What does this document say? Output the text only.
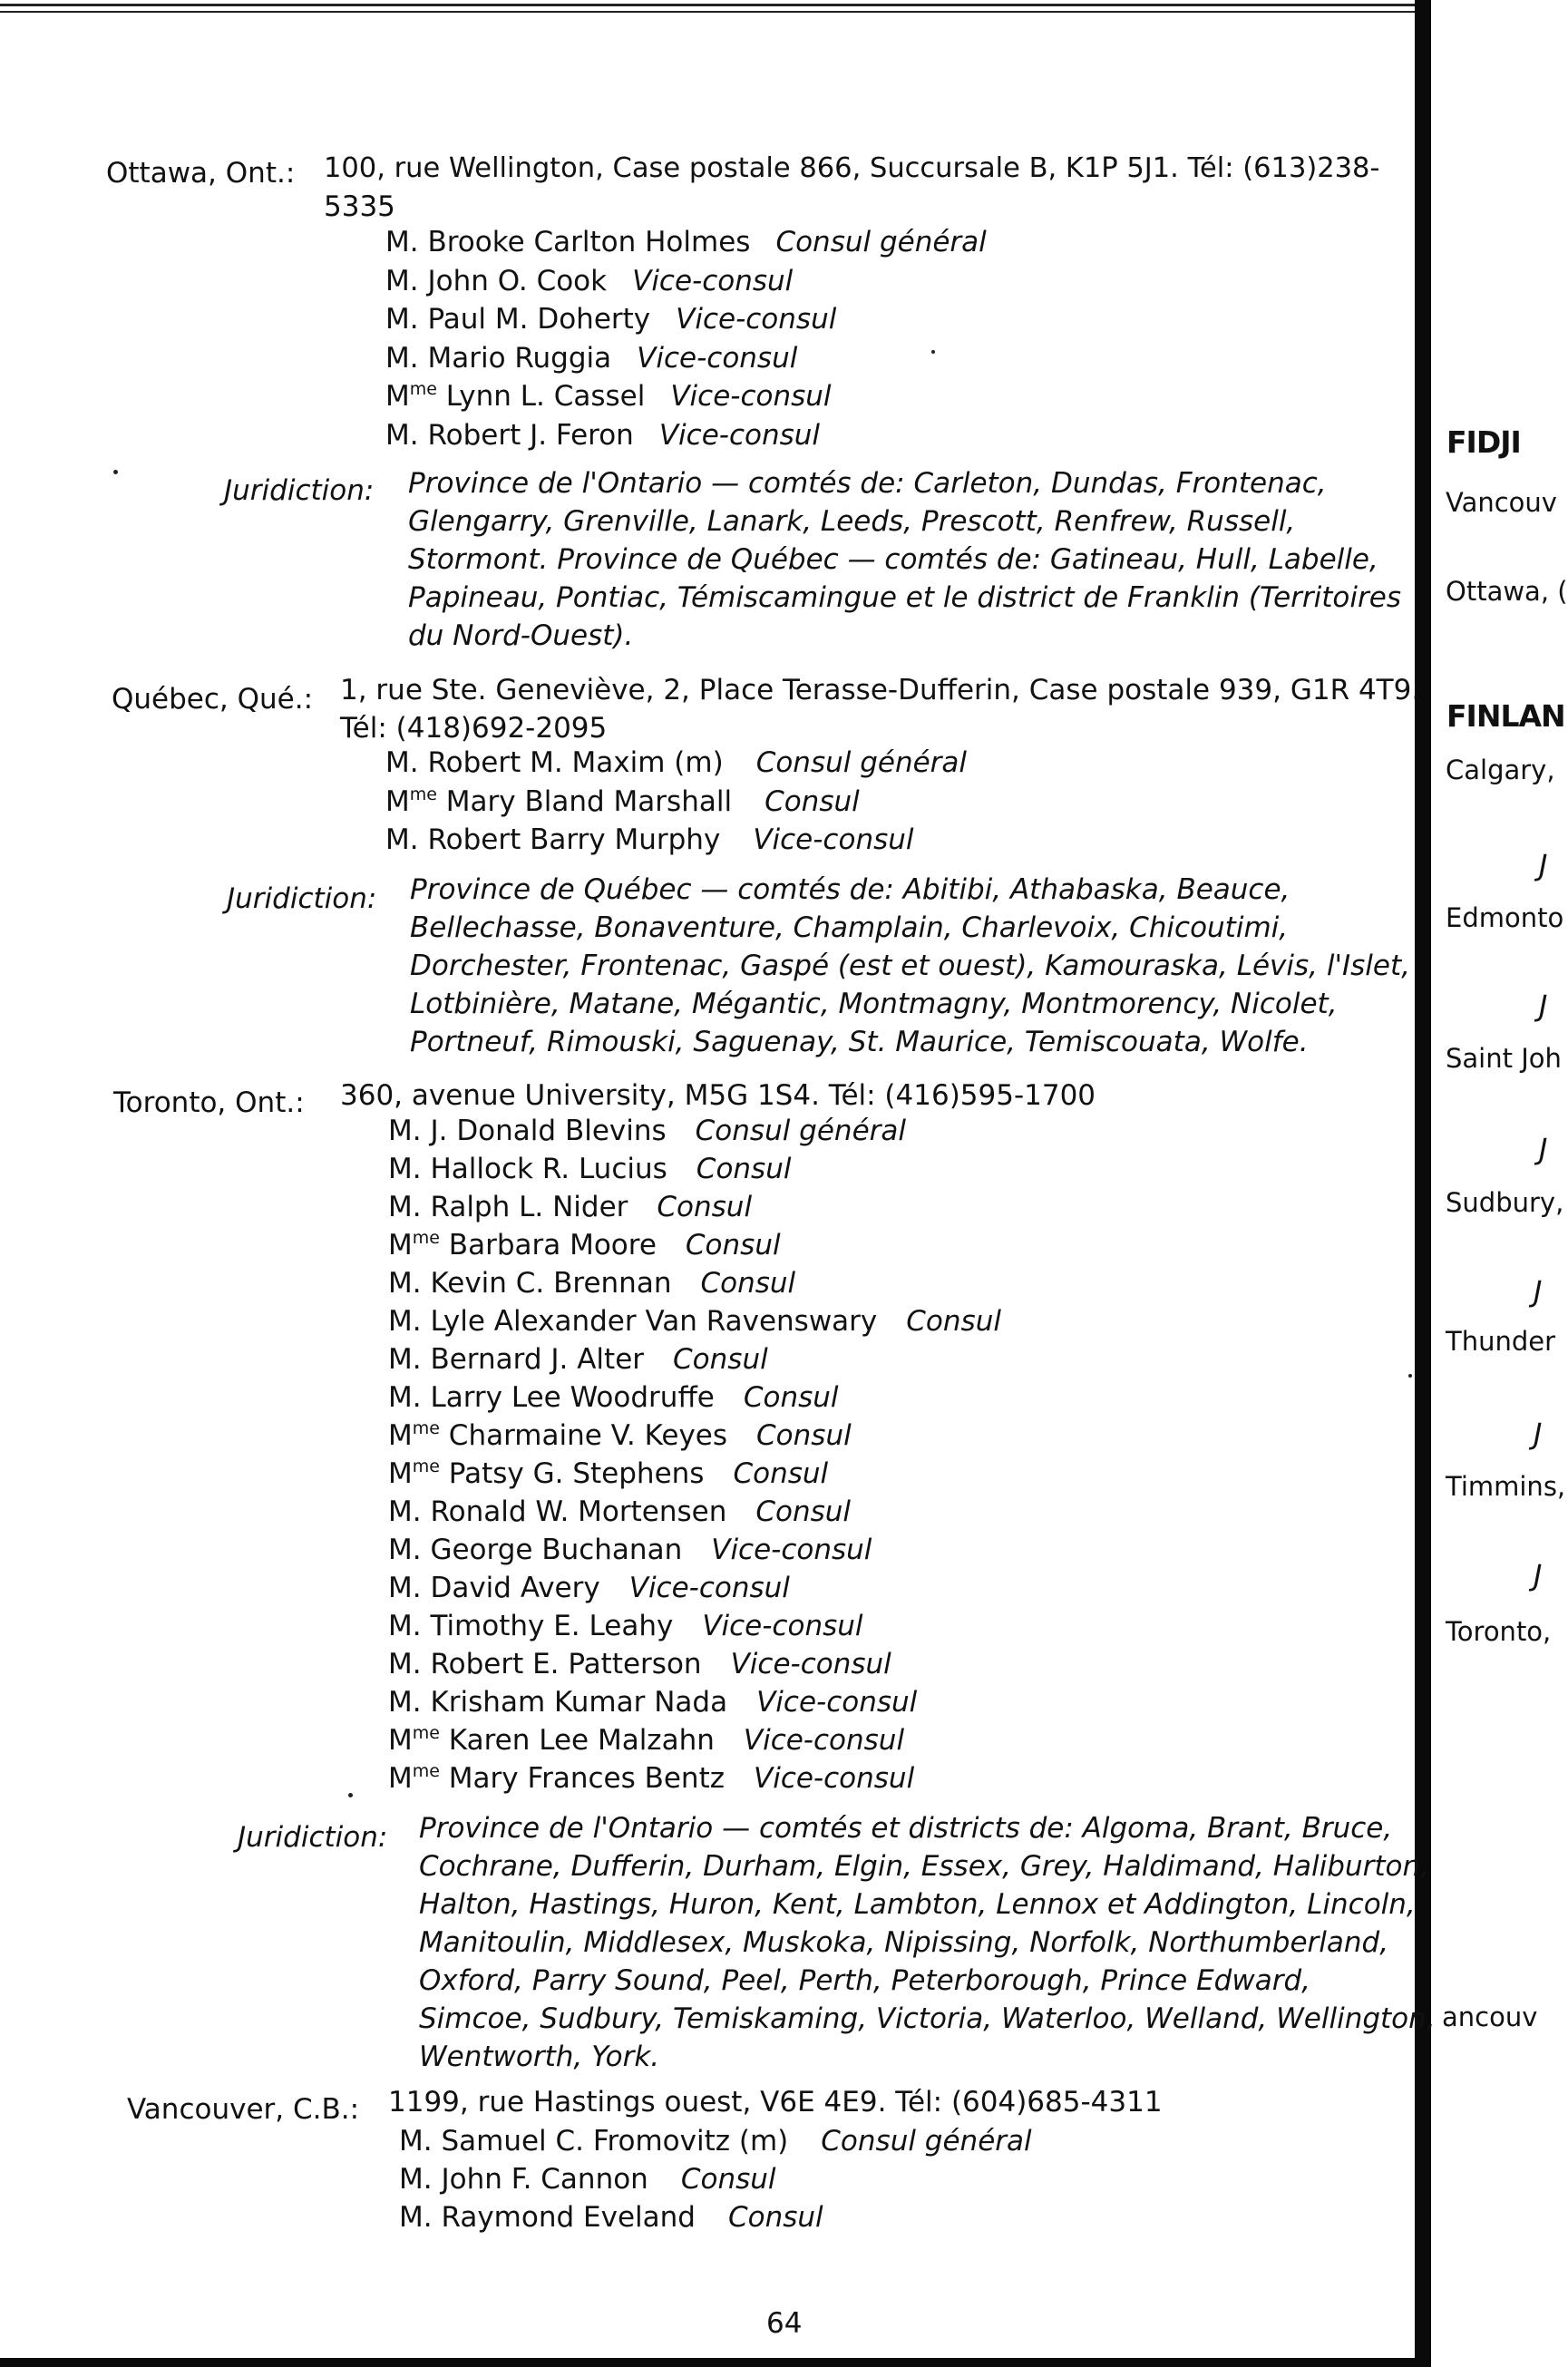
Ottawa, Ont.: 100, rue Wellington, Case postale 866, Succursale B, K1P 5J1. Tél: (613)238-
5335
M. Brooke Carlton Holmes Consul général
M. John O. Cook Vice-consul
M. Paul M. Doherty Vice-consul
M. Mario Ruggia Vice-consul
$M^{me}$ Lynn L. Cassel Vice-consul
M. Robert J. Feron Vice-consul
Juridiction: Province de l'Ontario — comtés de: Carleton, Dundas, Frontenac,
Glengarry, Grenville, Lanark, Leeds, Prescott, Renfrew, Russell,
Stormont. Province de Québec — comtés de: Gatineau, Hull, Labelle,
Papineau, Pontiac, Témiscamingue et le district de Franklin (Territoires
du Nord-Ouest).
Québec, Qué.: 1, rue Ste. Geneviève, 2, Place Terasse-Dufferin, Case postale 939, G1R 4T9.
Tél: (418)692-2095
M. Robert M. Maxim (m) Consul général
$M^{me}$ Mary Bland Marshall Consul
M. Robert Barry Murphy Vice-consul
Juridiction: Province de Québec — comtés de: Abitibi, Athabaska, Beauce,
Bellechasse, Bonaventure, Champlain, Charlevoix, Chicoutimi,
Dorchester, Frontenac, Gaspé (est et ouest), Kamouraska, Lévis, l'Islet,
Lotbinière, Matane, Mégantic, Montmagny, Montmorency, Nicolet,
Portneuf, Rimouski, Saguenay, St. Maurice, Temiscouata, Wolfe.
Toronto, Ont.: 360, avenue University, M5G 1S4. Tél: (416)595-1700
M. J. Donald Blevins Consul général
M. Hallock R. Lucius Consul
M. Ralph L. Nider Consul
$M^{me}$ Barbara Moore Consul
M. Kevin C. Brennan Consul
M. Lyle Alexander Van Ravenswary Consul
M. Bernard J. Alter Consul
M. Larry Lee Woodruffe Consul
$M^{me}$ Charmaine V. Keyes Consul
$M^{me}$ Patsy G. Stephens Consul
M. Ronald W. Mortensen Consul
M. George Buchanan Vice-consul
M. David Avery Vice-consul
M. Timothy E. Leahy Vice-consul
M. Robert E. Patterson Vice-consul
M. Krisham Kumar Nada Vice-consul
$M^{me}$ Karen Lee Malzahn Vice-consul
$M^{me}$ Mary Frances Bentz Vice-consul
Juridiction: Province de l'Ontario — comtés et districts de: Algoma, Brant, Bruce,
Cochrane, Dufferin, Durham, Elgin, Essex, Grey, Haldimand, Haliburton,
Halton, Hastings, Huron, Kent, Lambton, Lennox et Addington, Lincoln,
Manitoulin, Middlesex, Muskoka, Nipissing, Norfolk, Northumberland,
Oxford, Parry Sound, Peel, Perth, Peterborough, Prince Edward,
Simcoe, Sudbury, Temiskaming, Victoria, Waterloo, Welland, Wellington,
Wentworth, York.
Vancouver, C.B.: 1199, rue Hastings ouest, V6E 4E9. Tél: (604)685-4311
M. Samuel C. Fromovitz (m) Consul général
M. John F. Cannon Consul
M. Raymond Eveland Consul
64
FIDJI
FINLAN
Vancouv
Ottawa, (
Calgary,
Edmonto
Saint Joh
Sudbury,
Thunder
Timmins,
Toronto,
ancouv
J
J
J
J
J
J
